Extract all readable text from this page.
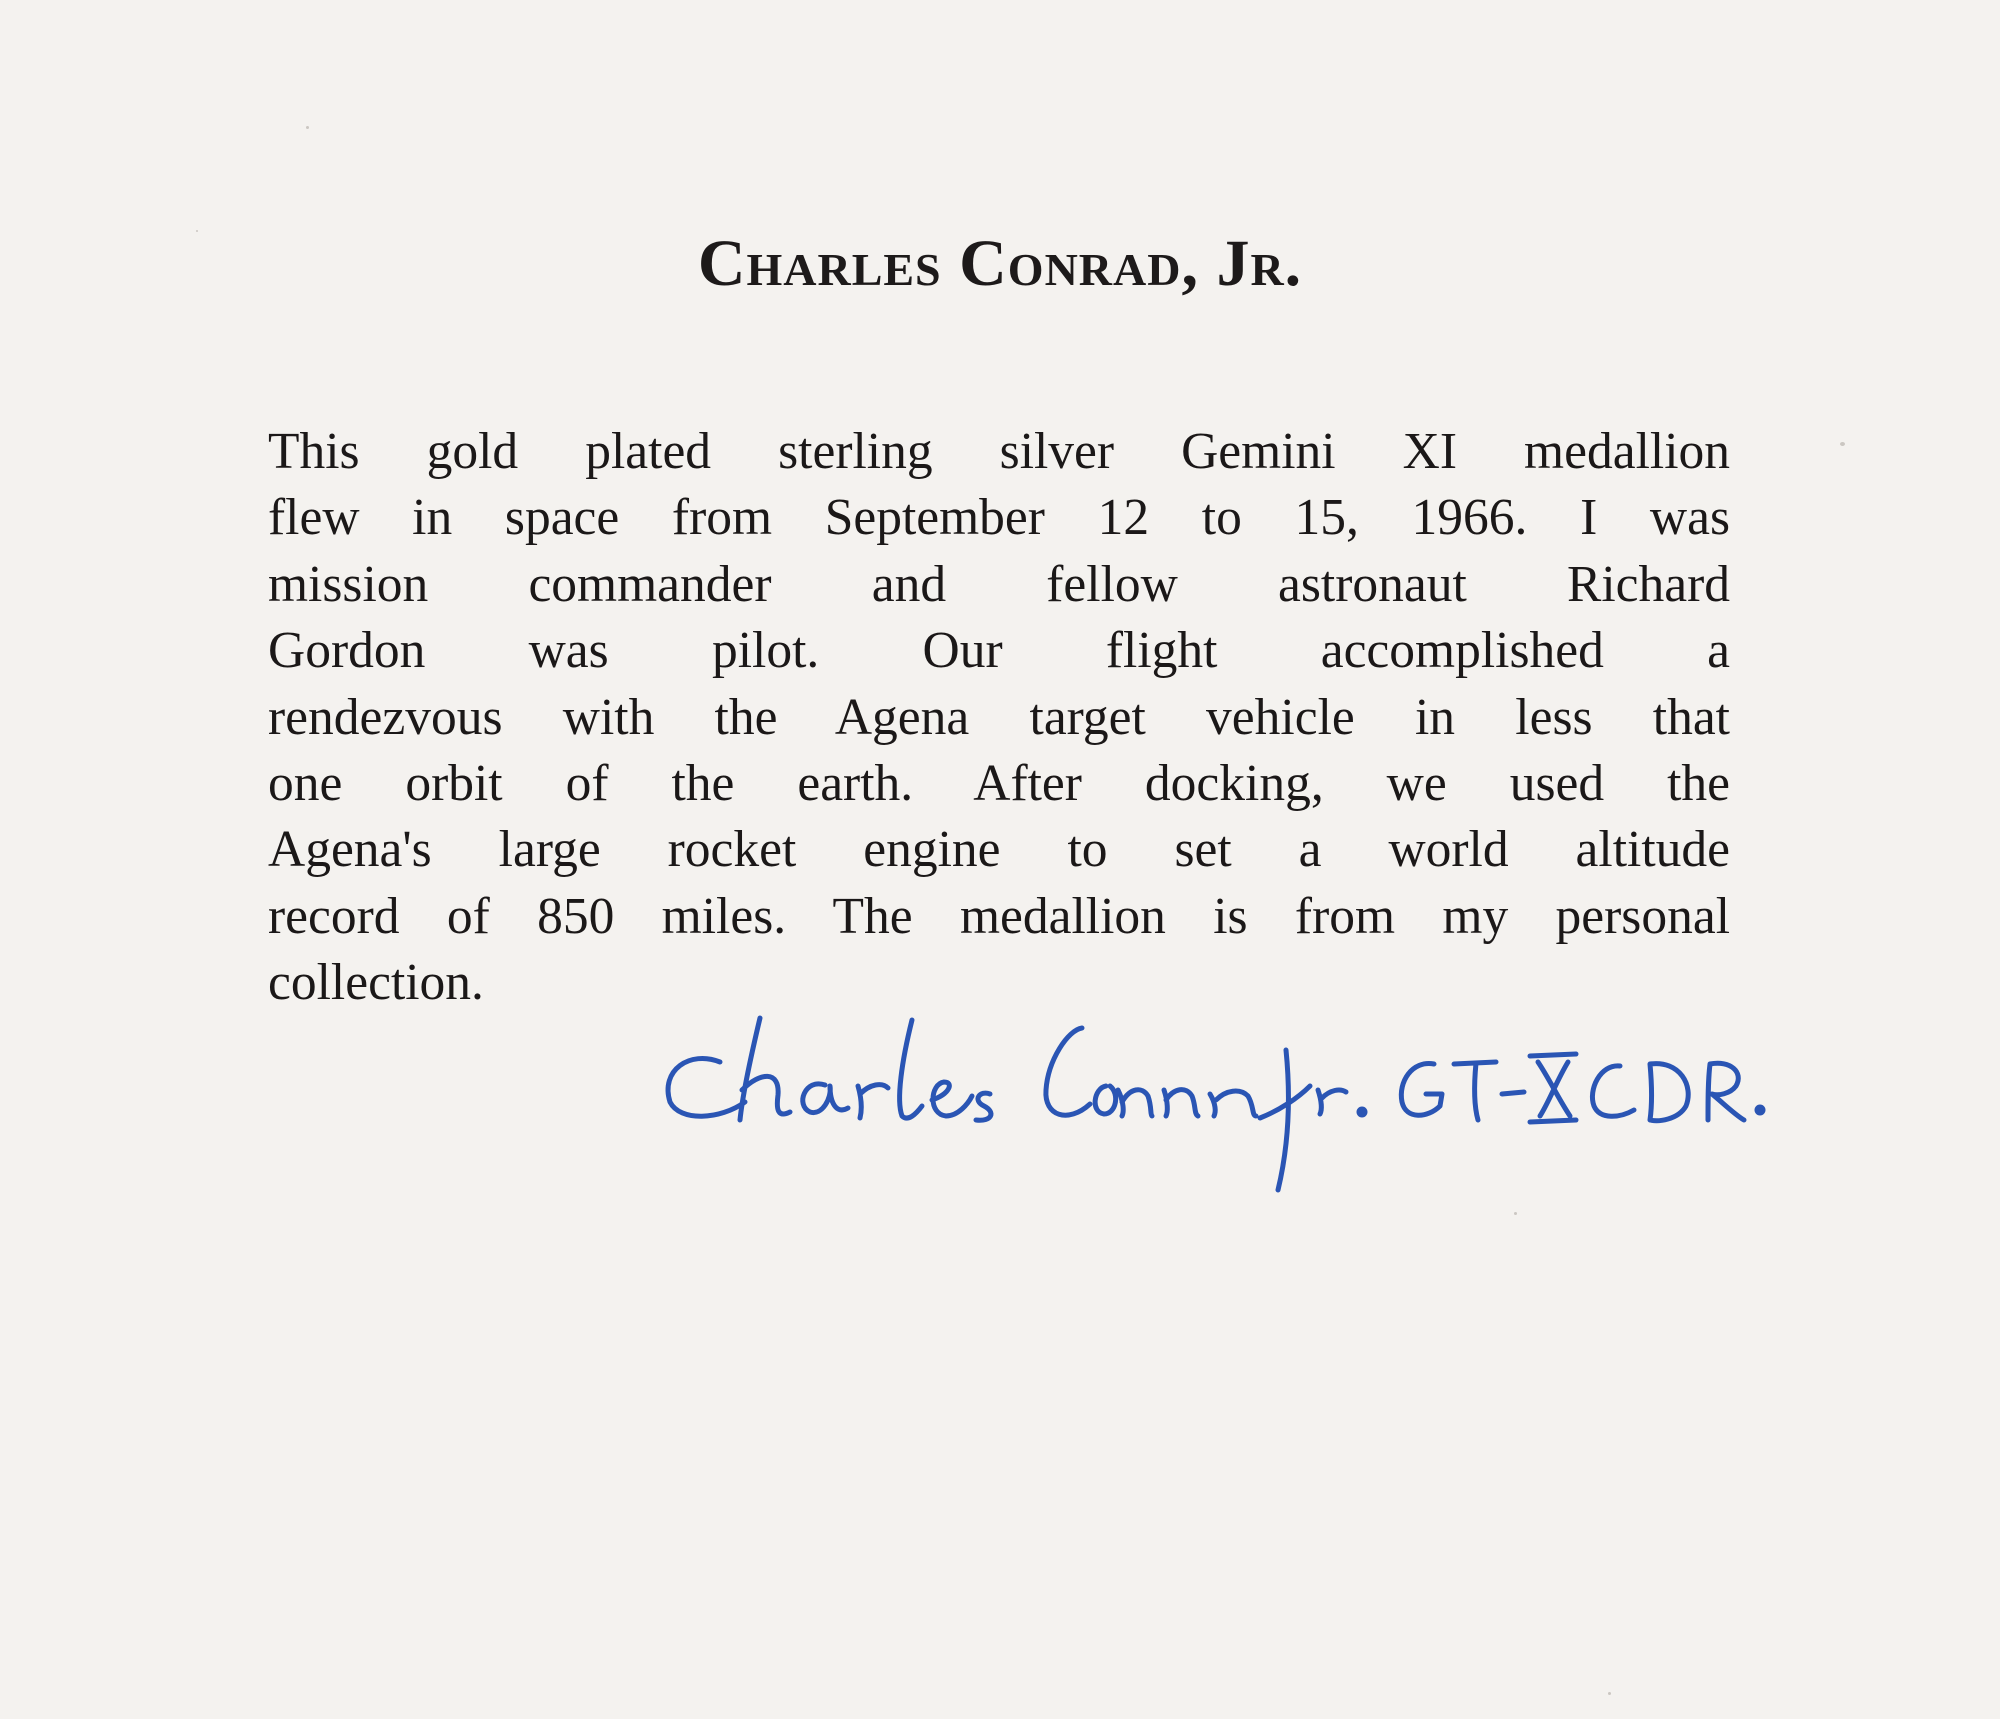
Charles Conrad, Jr.
This gold plated sterling silver Gemini XI medallion
flew in space from September 12 to 15, 1966. I was
mission commander and fellow astronaut Richard
Gordon was pilot. Our flight accomplished a
rendezvous with the Agena target vehicle in less that
one orbit of the earth. After docking, we used the
Agena's large rocket engine to set a world altitude
record of 850 miles. The medallion is from my personal
collection.
